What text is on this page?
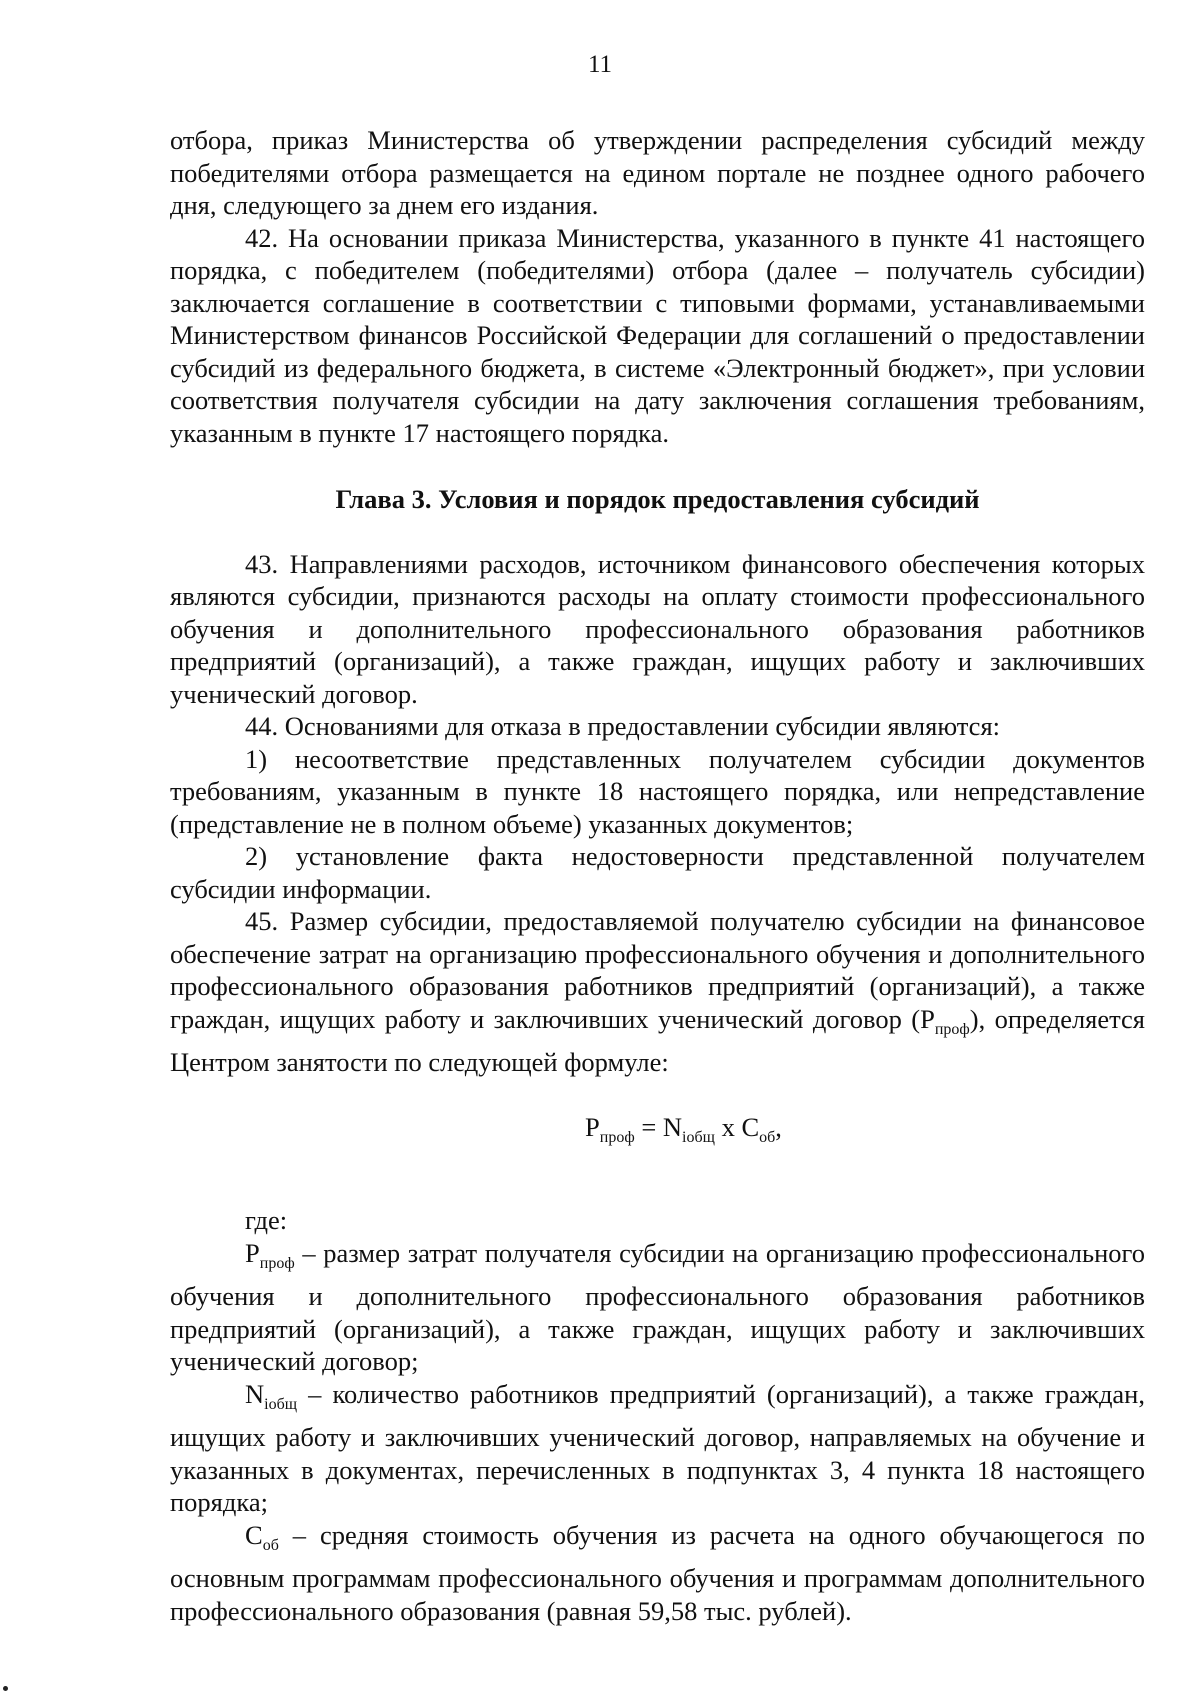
11

отбора, приказ Министерства об утверждении распределения субсидий между победителями отбора размещается на едином портале не позднее одного рабочего дня, следующего за днем его издания.

42. На основании приказа Министерства, указанного в пункте 41 настоящего порядка, с победителем (победителями) отбора (далее – получатель субсидии) заключается соглашение в соответствии с типовыми формами, устанавливаемыми Министерством финансов Российской Федерации для соглашений о предоставлении субсидий из федерального бюджета, в системе «Электронный бюджет», при условии соответствия получателя субсидии на дату заключения соглашения требованиям, указанным в пункте 17 настоящего порядка.

Глава 3. Условия и порядок предоставления субсидий

43. Направлениями расходов, источником финансового обеспечения которых являются субсидии, признаются расходы на оплату стоимости профессионального обучения и дополнительного профессионального образования работников предприятий (организаций), а также граждан, ищущих работу и заключивших ученический договор.

44. Основаниями для отказа в предоставлении субсидии являются:

1) несоответствие представленных получателем субсидии документов требованиям, указанным в пункте 18 настоящего порядка, или непредставление (представление не в полном объеме) указанных документов;

2) установление факта недостоверности представленной получателем субсидии информации.

45. Размер субсидии, предоставляемой получателю субсидии на финансовое обеспечение затрат на организацию профессионального обучения и дополнительного профессионального образования работников предприятий (организаций), а также граждан, ищущих работу и заключивших ученический договор $(Р_{проф})$, определяется Центром занятости по следующей формуле:

$Р_{проф} = N_{iобщ}$ х $С_{об}$,

где:

$Р_{проф}$ – размер затрат получателя субсидии на организацию профессионального обучения и дополнительного профессионального образования работников предприятий (организаций), а также граждан, ищущих работу и заключивших ученический договор;

$N_{iобщ}$ – количество работников предприятий (организаций), а также граждан, ищущих работу и заключивших ученический договор, направляемых на обучение и указанных в документах, перечисленных в подпунктах 3, 4 пункта 18 настоящего порядка;

$С_{об}$ – средняя стоимость обучения из расчета на одного обучающегося по основным программам профессионального обучения и программам дополнительного профессионального образования (равная 59,58 тыс. рублей).
